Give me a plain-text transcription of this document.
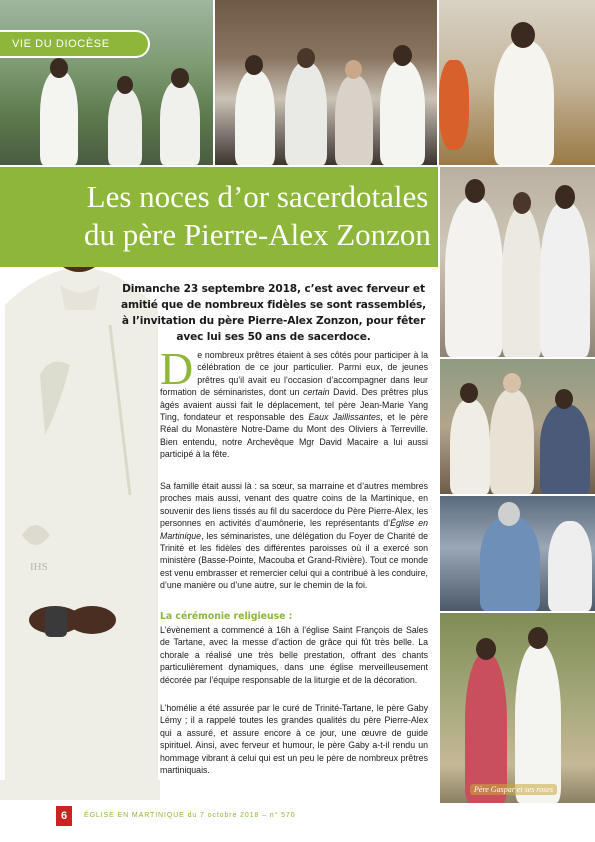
IHS
VIE DU DIOCÈSE
Les noces d’or sacerdotales
du père Pierre-Alex Zonzon

Dimanche 23 septembre 2018, c’est avec ferveur et amitié que de nombreux fidèles se sont rassemblés, à l’invitation du père Pierre-Alex Zonzon, pour fêter avec lui ses 50 ans de sacerdoce.

De nombreux prêtres étaient à ses côtés pour participer à la célébration de ce jour particulier. Parmi eux, de jeunes prêtres qu’il avait eu l’occasion d’accompagner dans leur formation de séminaristes, dont un certain David. Des prêtres plus âgés avaient aussi fait le déplacement, tel père Jean-Marie Yang Ting, fondateur et responsable des Eaux Jaillissantes, et le père Réal du Monastère Notre-Dame du Mont des Oliviers à Terreville. Bien entendu, notre Archevêque Mgr David Macaire a lui aussi participé à la fête.
Sa famille était aussi là : sa sœur, sa marraine et d’autres membres proches mais aussi, venant des quatre coins de la Martinique, en souvenir des liens tissés au fil du sacerdoce du Père Pierre-Alex, les personnes en activités d’aumônerie, les représentants d’Église en Martinique, les séminaristes, une délégation du Foyer de Charité de Trinité et les fidèles des différentes paroisses où il a exercé son ministère (Basse-Pointe, Macouba et Grand-Rivière). Tout ce monde est venu embrasser et remercier celui qui a contribué à les conduire, d’une manière ou d’une autre, sur le chemin de la foi.
La cérémonie religieuse :
L’évènement a commencé à 16h à l’église Saint François de Sales de Tartane, avec la messe d’action de grâce qui fût très belle. La chorale a réalisé une très belle prestation, offrant des chants particulièrement dynamiques, dans une église merveilleusement décorée par l’équipe responsable de la liturgie et de la décoration.
L’homélie a été assurée par le curé de Trinité-Tartane, le père Gaby Lémy ; il a rappelé toutes les grandes qualités du père Pierre-Alex qui a assuré, et assure encore à ce jour, une œuvre de guide spirituel. Ainsi, avec ferveur et humour, le père Gaby a-t-il rendu un hommage vibrant à celui qui est un peu le père de nombreux prêtres martiniquais.
Père Gaspar et ses roses
6	ÉGLISE EN MARTINIQUE du 7 octobre 2018 – n° 570
